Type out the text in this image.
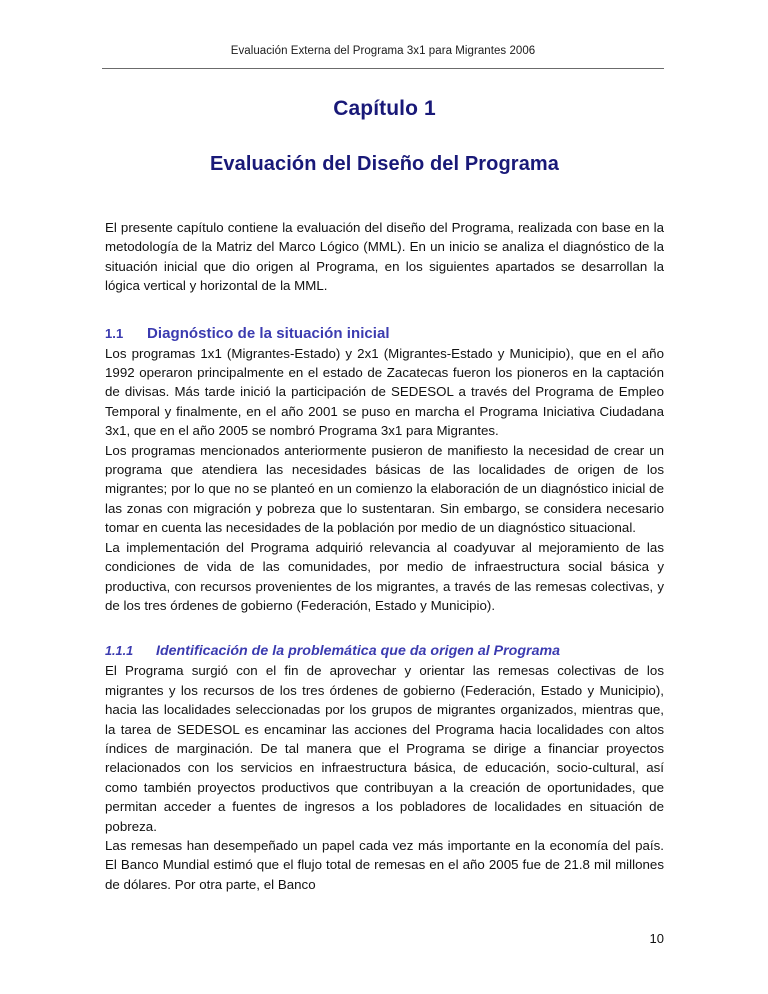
Evaluación Externa del Programa 3x1 para Migrantes 2006
Capítulo 1
Evaluación del Diseño del Programa

El presente capítulo contiene la evaluación del diseño del Programa, realizada con base en la metodología de la Matriz del Marco Lógico (MML). En un inicio se analiza el diagnóstico de la situación inicial que dio origen al Programa, en los siguientes apartados se desarrollan la lógica vertical y horizontal de la MML.

1.1	Diagnóstico de la situación inicial

Los programas 1x1 (Migrantes-Estado) y 2x1 (Migrantes-Estado y Municipio), que en el año 1992 operaron principalmente en el estado de Zacatecas fueron los pioneros en la captación de divisas. Más tarde inició la participación de SEDESOL a través del Programa de Empleo Temporal y finalmente, en el año 2001 se puso en marcha el Programa Iniciativa Ciudadana 3x1, que en el año 2005 se nombró Programa 3x1 para Migrantes.

Los programas mencionados anteriormente pusieron de manifiesto la necesidad de crear un programa que atendiera las necesidades básicas de las localidades de origen de los migrantes; por lo que no se planteó en un comienzo la elaboración de un diagnóstico inicial de las zonas con migración y pobreza que lo sustentaran. Sin embargo, se considera necesario tomar en cuenta las necesidades de la población por medio de un diagnóstico situacional.

La implementación del Programa adquirió relevancia al coadyuvar al mejoramiento de las condiciones de vida de las comunidades, por medio de infraestructura social básica y productiva, con recursos provenientes de los migrantes, a través de las remesas colectivas, y de los tres órdenes de gobierno (Federación, Estado y Municipio).

1.1.1	Identificación de la problemática que da origen al Programa

El Programa surgió con el fin de aprovechar y orientar las remesas colectivas de los migrantes y los recursos de los tres órdenes de gobierno (Federación, Estado y Municipio), hacia las localidades seleccionadas por los grupos de migrantes organizados, mientras que, la tarea de SEDESOL es encaminar las acciones del Programa hacia localidades con altos índices de marginación. De tal manera que el Programa se dirige a financiar proyectos relacionados con los servicios en infraestructura básica, de educación, socio-cultural, así como también proyectos productivos que contribuyan a la creación de oportunidades, que permitan acceder a fuentes de ingresos a los pobladores de localidades en situación de pobreza.

Las remesas han desempeñado un papel cada vez más importante en la economía del país. El Banco Mundial estimó que el flujo total de remesas en el año 2005 fue de 21.8 mil millones de dólares. Por otra parte, el Banco

10
